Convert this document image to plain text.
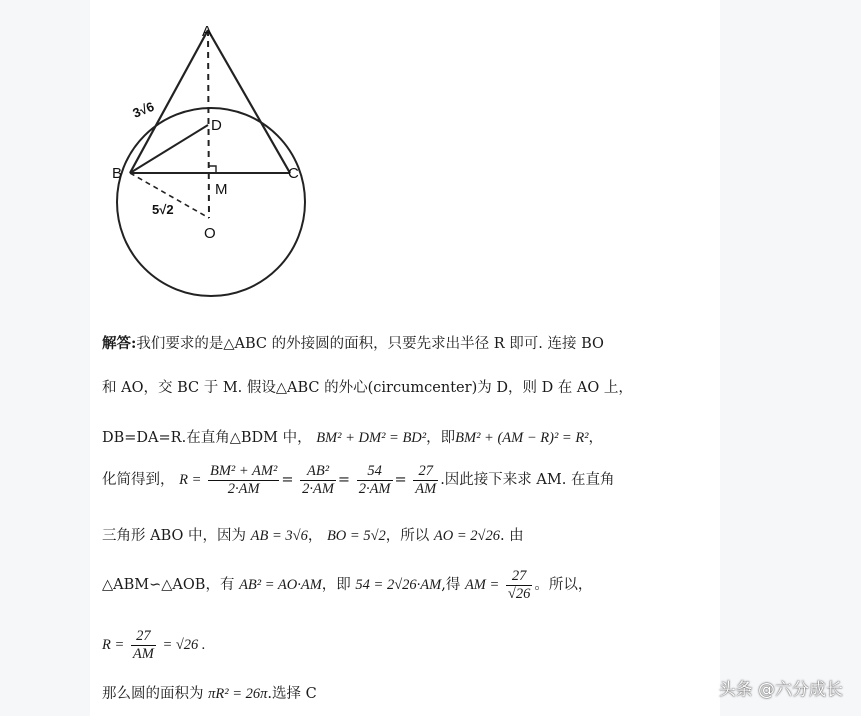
A
B	C
D
M
O
3√6
5√2
解答:我们要求的是△ABC 的外接圆的面积，只要先求出半径 R 即可. 连接 BO
和 AO，交 BC 于 M. 假设△ABC 的外心(circumcenter)为 D，则 D 在 AO 上，
DB=DA=R.在直角△BDM 中， BM² + DM² = BD²，即BM² + (AM − R)² = R²，
化简得到， $R = \frac{\text{BM² + AM²}}{2\cdot AM} = \frac{\text{AB²}}{2\cdot AM} = \frac{54}{2\cdot AM} = \frac{27}{AM}$ .因此接下来求 AM. 在直角
三角形 ABO 中，因为 AB = 3√6， BO = 5√2，所以 AO = 2√26. 由
△ABM∽△AOB，有 AB² = AO·AM，即 54 = 2√26·AM,得 AM = $\frac{27}{√26}$ 。所以，
$R = \frac{27}{AM} = √26$ .
那么圆的面积为 πR² = 26π.选择 C	头条 @六分成长
